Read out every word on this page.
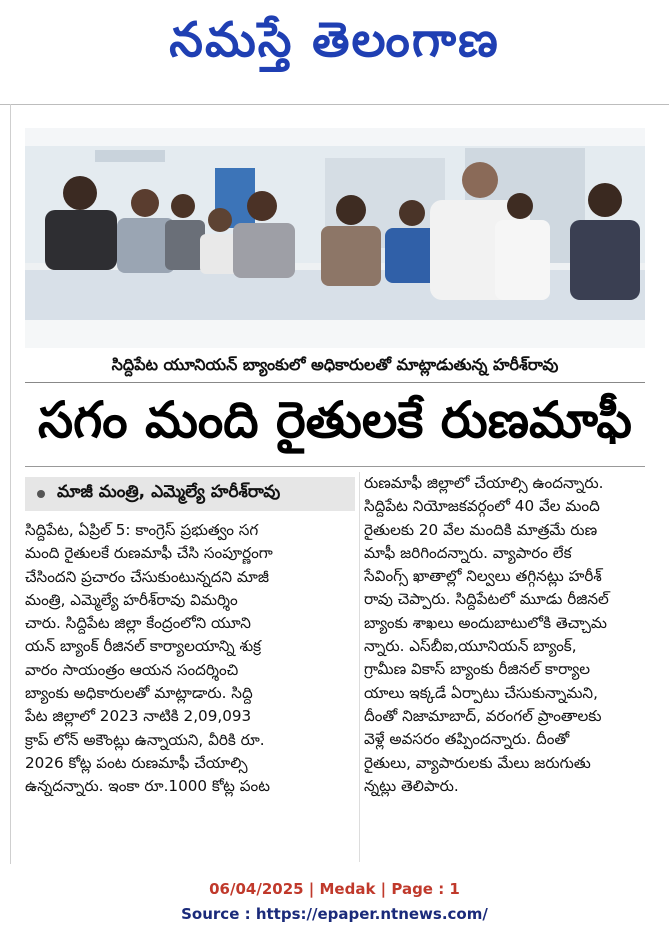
నమస్తే తెలంగాణ
సిద్దిపేట యూనియన్ బ్యాంకులో అధికారులతో మాట్లాడుతున్న హరీశ్‌రావు
సగం మంది రైతులకే రుణమాఫీ
మాజీ మంత్రి, ఎమ్మెల్యే హరీశ్‌రావు
సిద్దిపేట, ఏప్రిల్ 5: కాంగ్రెస్ ప్రభుత్వం సగ
మంది రైతులకే రుణమాఫీ చేసి సంపూర్ణంగా
చేసిందని ప్రచారం చేసుకుంటున్నదని మాజీ
మంత్రి, ఎమ్మెల్యే హరీశ్‌రావు విమర్శిం
చారు. సిద్దిపేట జిల్లా కేంద్రంలోని యూని
యన్ బ్యాంక్ రీజినల్ కార్యాలయాన్ని శుక్ర
వారం సాయంత్రం ఆయన సందర్శించి
బ్యాంకు అధికారులతో మాట్లాడారు. సిద్ది
పేట జిల్లాలో 2023 నాటికి 2,09,093
క్రాప్ లోన్ అకౌంట్లు ఉన్నాయని, వీరికి రూ.
2026 కోట్ల పంట రుణమాఫీ చేయాల్సి
ఉన్నదన్నారు. ఇంకా రూ.1000 కోట్ల పంట
రుణమాఫీ జిల్లాలో చేయాల్సి ఉందన్నారు.
సిద్దిపేట నియోజకవర్గంలో 40 వేల మంది
రైతులకు 20 వేల మందికి మాత్రమే రుణ
మాఫీ జరిగిందన్నారు. వ్యాపారం లేక
సేవింగ్స్ ఖాతాల్లో నిల్వలు తగ్గినట్లు హరీశ్
రావు చెప్పారు. సిద్దిపేటలో మూడు రీజినల్
బ్యాంకు శాఖలు అందుబాటులోకి తెచ్చామ
న్నారు. ఎస్‌బీఐ,యూనియన్ బ్యాంక్,
గ్రామీణ వికాస్ బ్యాంకు రీజినల్ కార్యాల
యాలు ఇక్కడే ఏర్పాటు చేసుకున్నామని,
దీంతో నిజామాబాద్, వరంగల్ ప్రాంతాలకు
వెళ్లే అవసరం తప్పిందన్నారు. దీంతో
రైతులు, వ్యాపారులకు మేలు జరుగుతు
న్నట్లు తెలిపారు.
06/04/2025 | Medak | Page : 1
Source : https://epaper.ntnews.com/
